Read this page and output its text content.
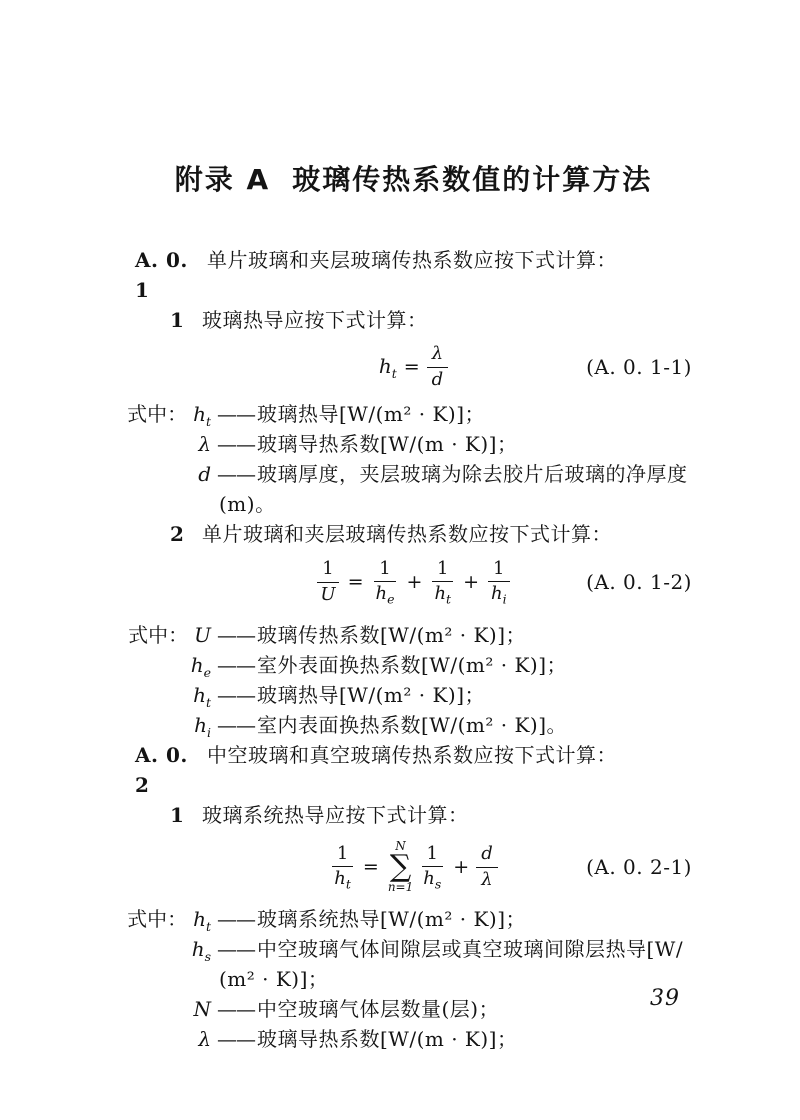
附录 A 玻璃传热系数值的计算方法
A. 0. 1
单片玻璃和夹层玻璃传热系数应按下式计算：
1 玻璃热导应按下式计算：
$h_t = \frac{\lambda}{d}$	(A. 0. 1-1)
式中： $h_t$ —— 玻璃热导[W/(m² · K)]；
λ —— 玻璃导热系数[W/(m · K)]；
d —— 玻璃厚度，夹层玻璃为除去胶片后玻璃的净厚度
(m)。
2 单片玻璃和夹层玻璃传热系数应按下式计算：
$\frac{1}{U} = \frac{1}{h_e} + \frac{1}{h_t} + \frac{1}{h_i}$	(A. 0. 1-2)
式中： U —— 玻璃传热系数[W/(m² · K)]；
$h_e$ —— 室外表面换热系数[W/(m² · K)]；
$h_t$ —— 玻璃热导[W/(m² · K)]；
$h_i$ —— 室内表面换热系数[W/(m² · K)]。
A. 0. 2
中空玻璃和真空玻璃传热系数应按下式计算：
1 玻璃系统热导应按下式计算：
$\frac{1}{h_t}$ =
N
∑
$n=1 \frac{1}{h_s} + \frac{d}{\lambda}$	(A. 0. 2-1)
式中： $h_t$ —— 玻璃系统热导[W/(m² · K)]；
$h_s$ —— 中空玻璃气体间隙层或真空玻璃间隙层热导[W/
(m² · K)]；
N —— 中空玻璃气体层数量(层)；
λ —— 玻璃导热系数[W/(m · K)]；
39
